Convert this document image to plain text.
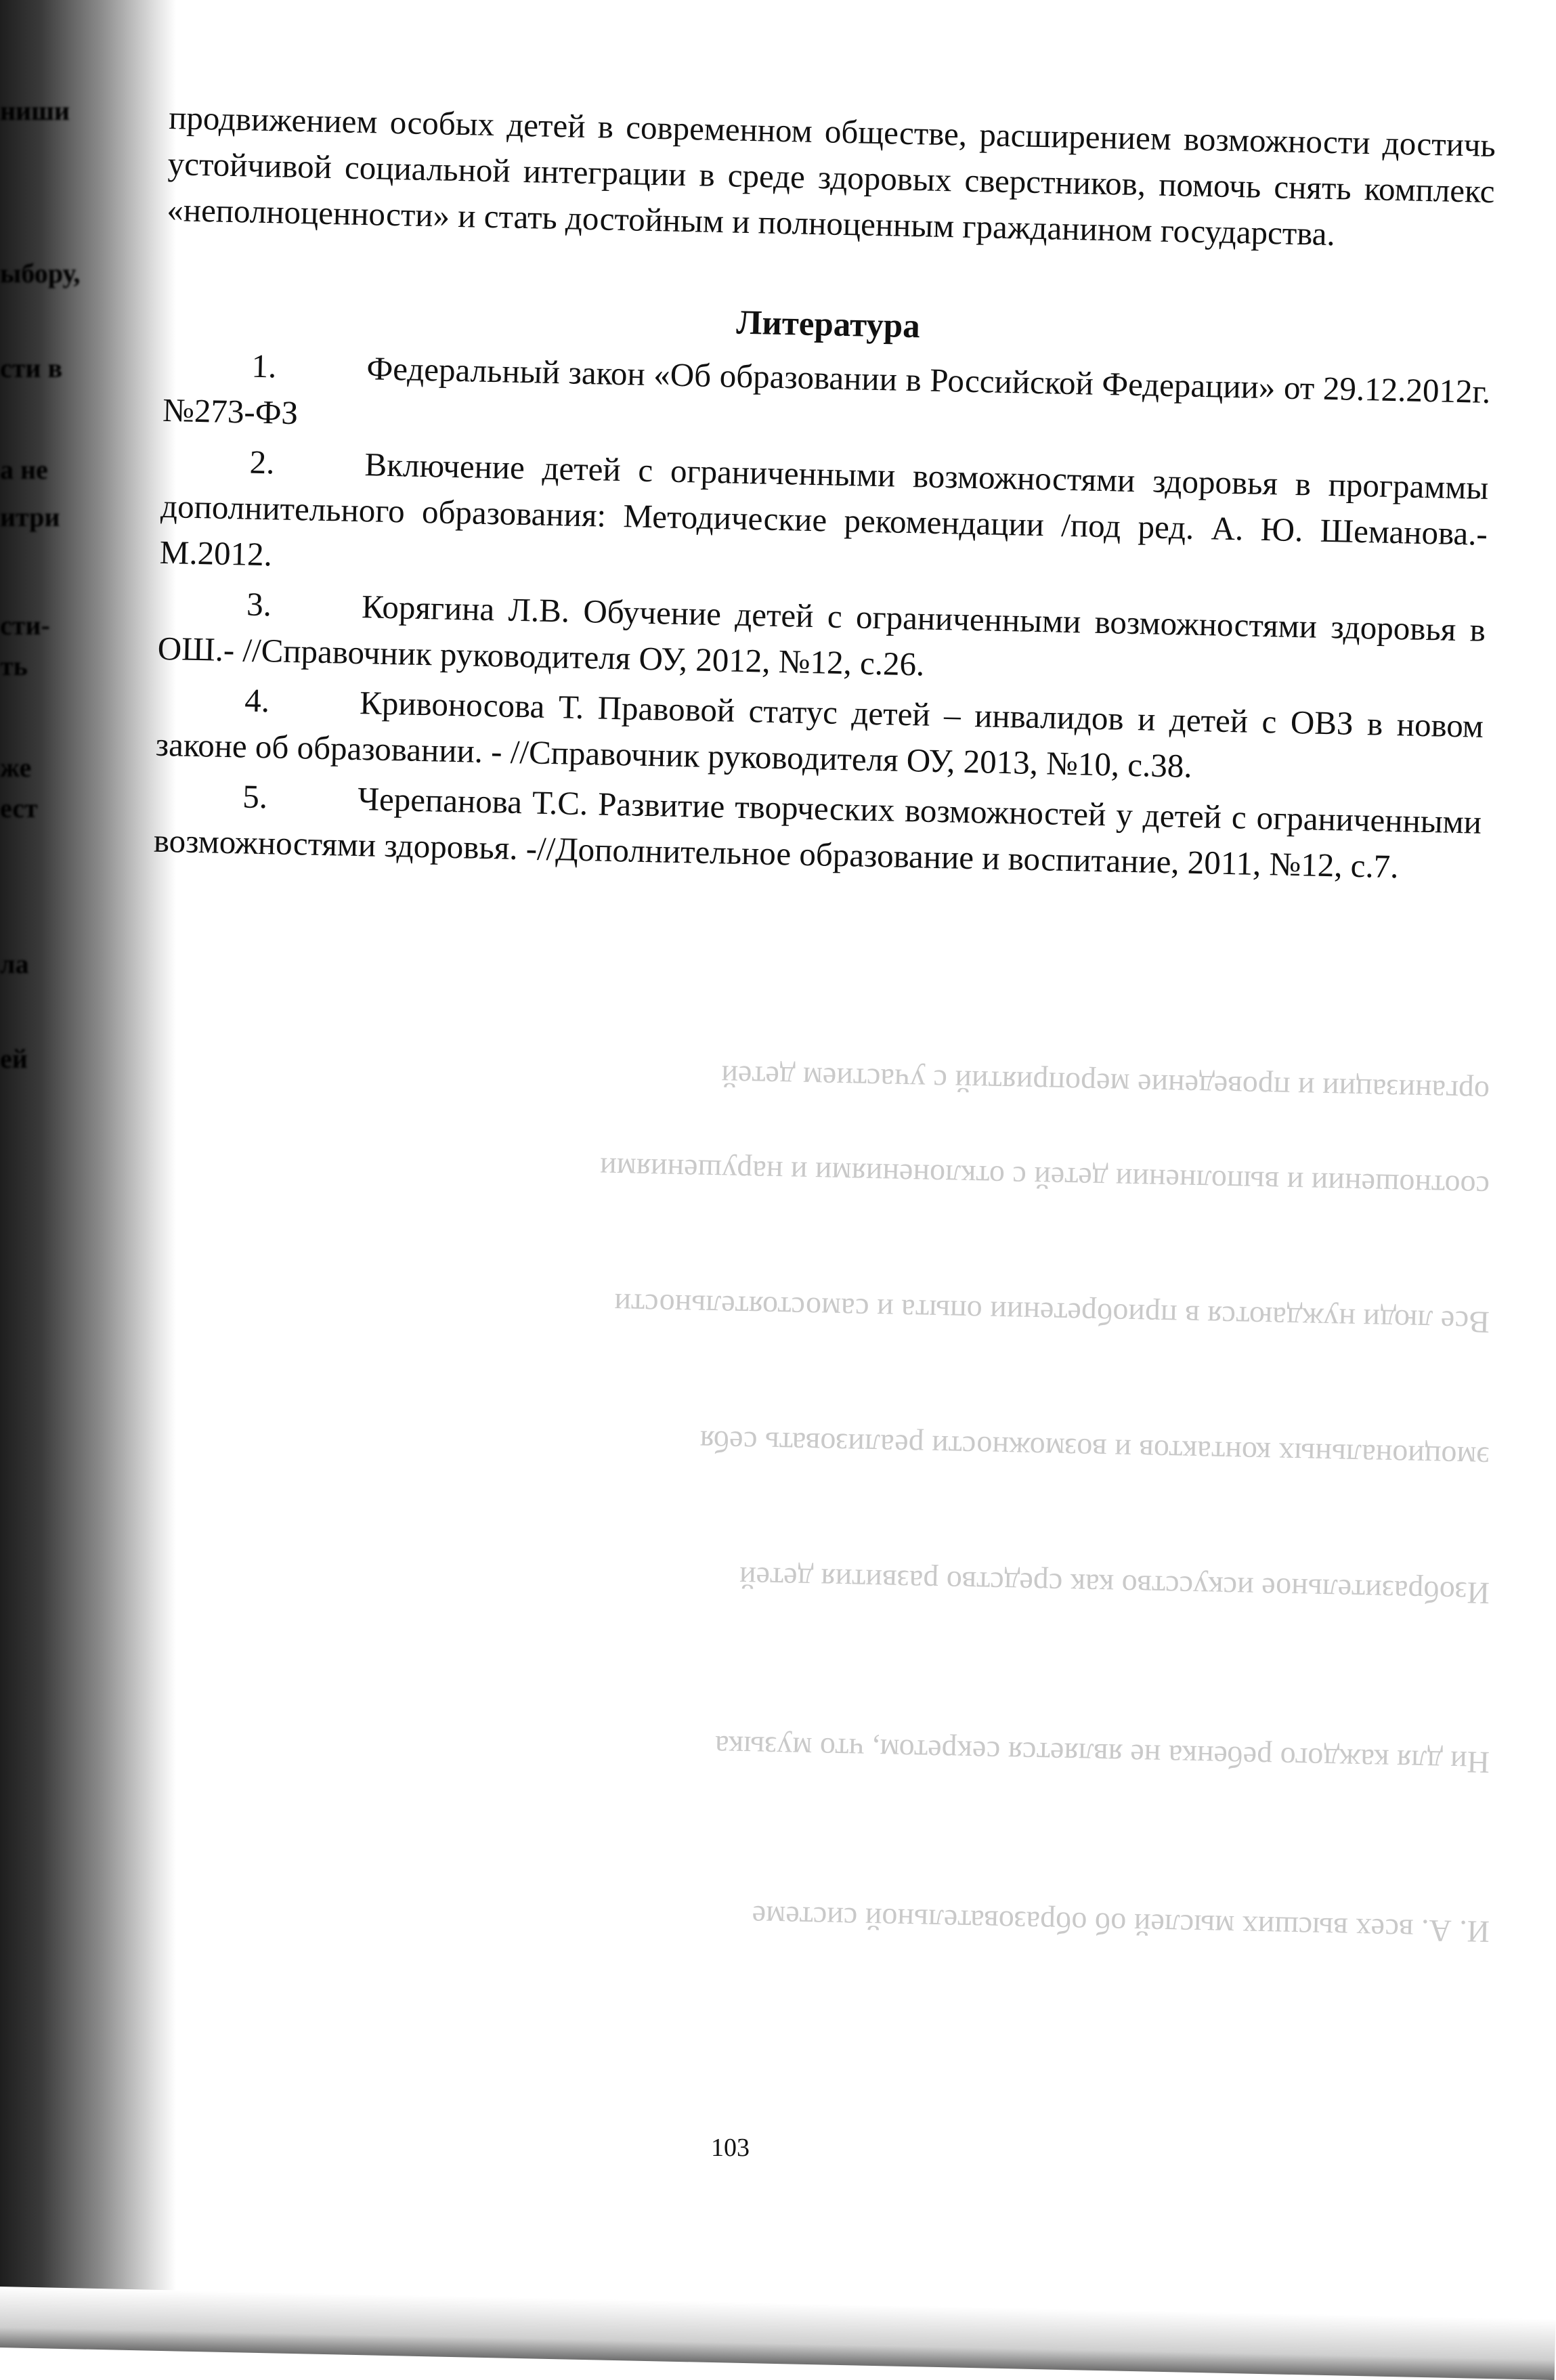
ниши
ыбору,
сти в
а не
итри
сти-
ть
же
ест
ла
ей
организации и проведение мероприятий с участием детей
соотношении и выполнении детей с отклонениями и нарушениями
Все люди нуждаются в приобретении опыта и самостоятельности
эмоциональных контактов и возможности реализовать себя
Изобразительное искусство как средство развития детей
Ни для каждого ребенка не является секретом, что музыка
И. А. всех высших мыслей об образовательной системе

продвижением особых детей в современном обществе, расширением возможности достичь устойчивой социальной интеграции в среде здоровых сверстников, помочь снять комплекс «неполноценности» и стать достойным и полноценным гражданином государства.

Литература
1.	Федеральный закон «Об образовании в Российской Федерации» от 29.12.2012г. №273-ФЗ
2.	Включение детей с ограниченными возможностями здоровья в программы дополнительного образования: Методические рекомендации /под ред. А. Ю. Шеманова.- М.2012.
3.	Корягина Л.В. Обучение детей с ограниченными возможностями здоровья в ОШ.- //Справочник руководителя ОУ, 2012, №12, с.26.
4.	Кривоносова Т. Правовой статус детей – инвалидов и детей с ОВЗ в новом законе об образовании. - //Справочник руководителя ОУ, 2013, №10, с.38.
5.	Черепанова Т.С. Развитие творческих возможностей у детей с ограниченными возможностями здоровья. -//Дополнительное образование и воспитание, 2011, №12, с.7.
103
